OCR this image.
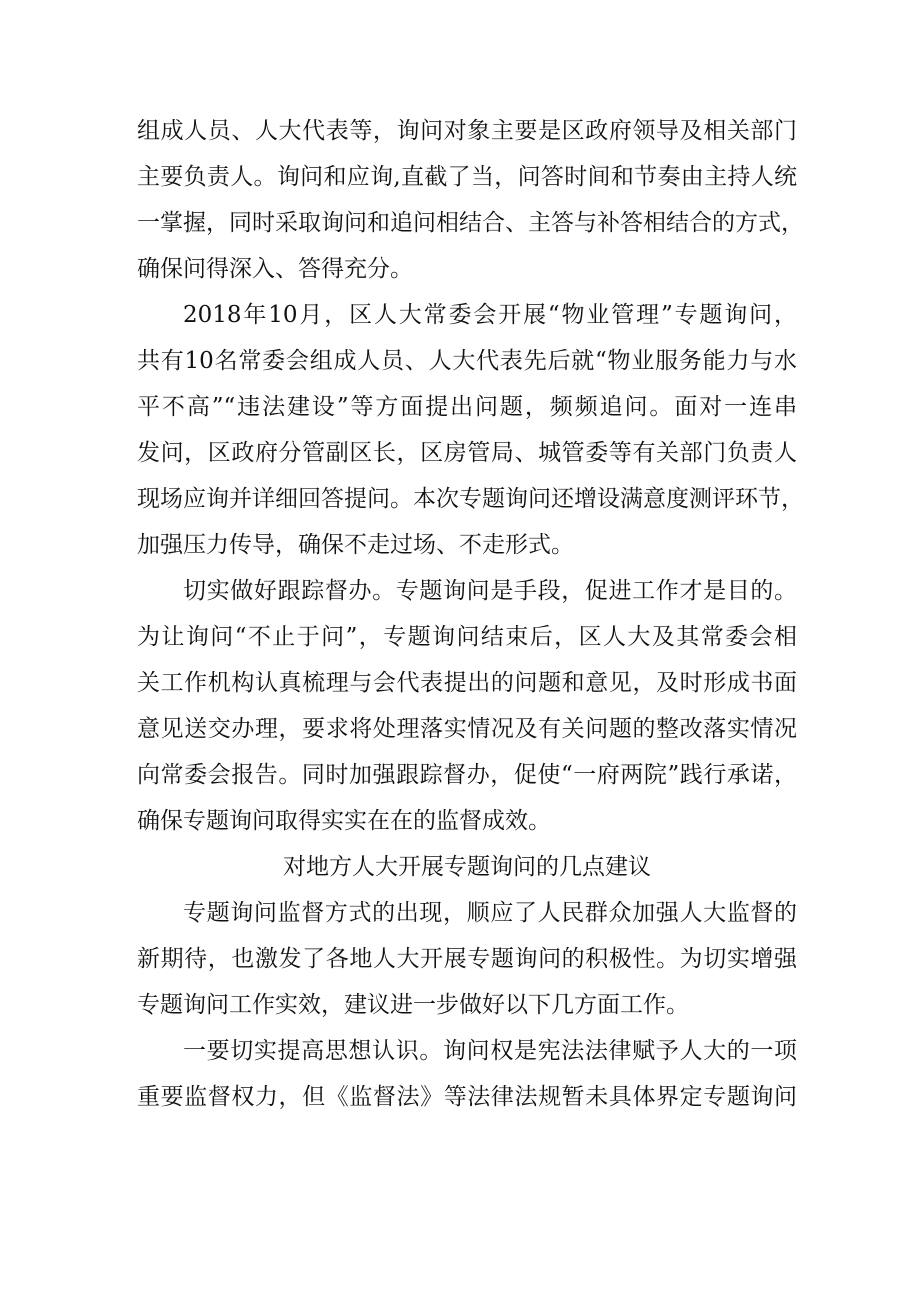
组成人员、人大代表等，询问对象主要是区政府领导及相关部门
主要负责人。询问和应询,直截了当，问答时间和节奏由主持人统
一掌握，同时采取询问和追问相结合、主答与补答相结合的方式，
确保问得深入、答得充分。
2018年10月，区人大常委会开展“物业管理”专题询问，
共有10名常委会组成人员、人大代表先后就“物业服务能力与水
平不高”“违法建设”等方面提出问题，频频追问。面对一连串
发问，区政府分管副区长，区房管局、城管委等有关部门负责人
现场应询并详细回答提问。本次专题询问还增设满意度测评环节，
加强压力传导，确保不走过场、不走形式。
切实做好跟踪督办。专题询问是手段，促进工作才是目的。
为让询问“不止于问”，专题询问结束后，区人大及其常委会相
关工作机构认真梳理与会代表提出的问题和意见，及时形成书面
意见送交办理，要求将处理落实情况及有关问题的整改落实情况
向常委会报告。同时加强跟踪督办，促使“一府两院”践行承诺，
确保专题询问取得实实在在的监督成效。
对地方人大开展专题询问的几点建议
专题询问监督方式的出现，顺应了人民群众加强人大监督的
新期待，也激发了各地人大开展专题询问的积极性。为切实增强
专题询问工作实效，建议进一步做好以下几方面工作。
一要切实提高思想认识。询问权是宪法法律赋予人大的一项
重要监督权力，但《监督法》等法律法规暂未具体界定专题询问
